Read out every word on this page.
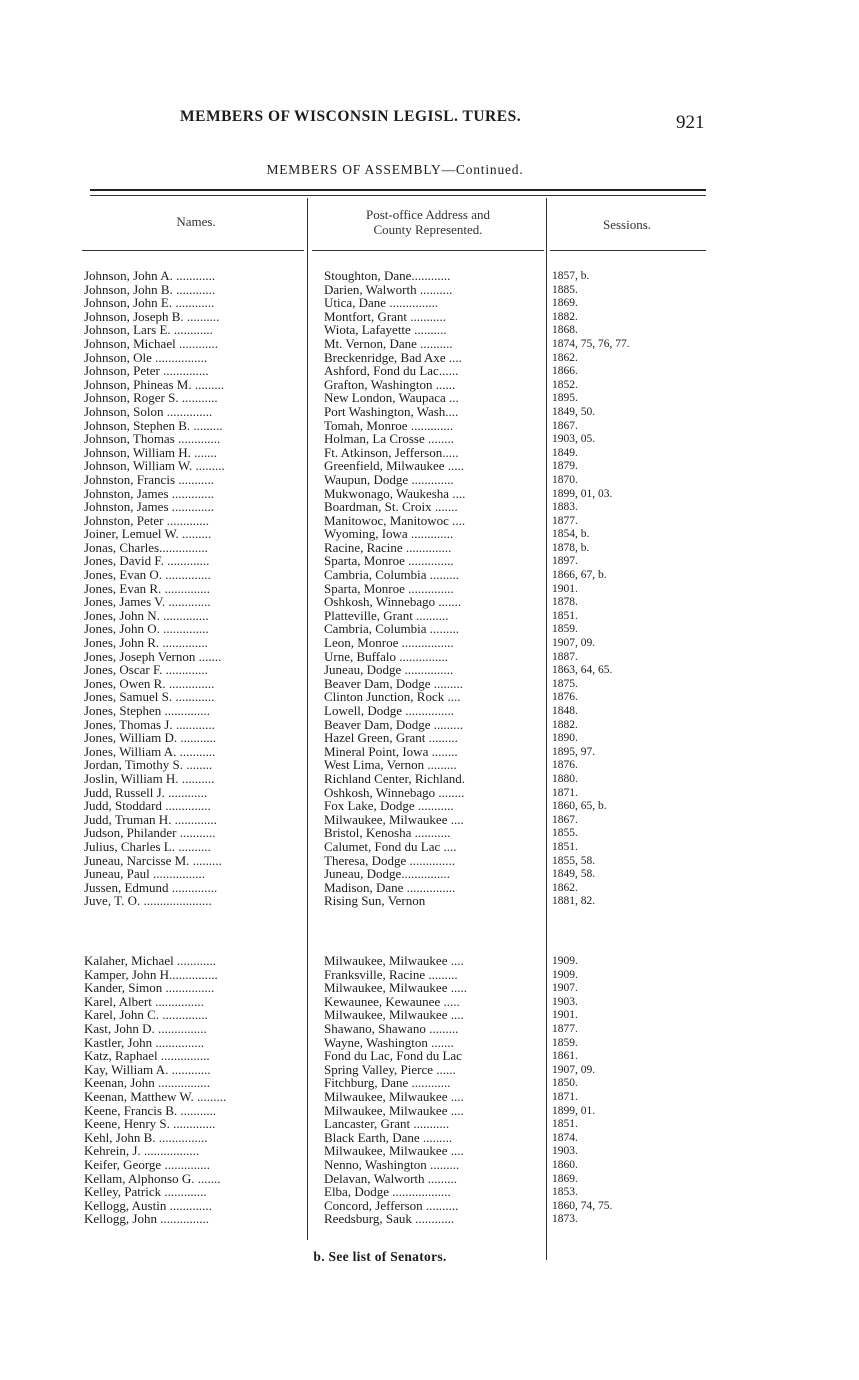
MEMBERS OF WISCONSIN LEGISL. TURES.	921
MEMBERS OF ASSEMBLY—Continued.
Names.	Post-office Address and
County Represented.	Sessions.
Johnson, John A. ............	Stoughton, Dane............	1857, b.
Johnson, John B. ............	Darien, Walworth ..........	1885.
Johnson, John E. ............	Utica, Dane ...............	1869.
Johnson, Joseph B. ..........	Montfort, Grant ...........	1882.
Johnson, Lars E. ............	Wiota, Lafayette ..........	1868.
Johnson, Michael ............	Mt. Vernon, Dane ..........	1874, 75, 76, 77.
Johnson, Ole ................	Breckenridge, Bad Axe ....	1862.
Johnson, Peter ..............	Ashford, Fond du Lac......	1866.
Johnson, Phineas M. .........	Grafton, Washington ......	1852.
Johnson, Roger S. ...........	New London, Waupaca ...	1895.
Johnson, Solon ..............	Port Washington, Wash....	1849, 50.
Johnson, Stephen B. .........	Tomah, Monroe .............	1867.
Johnson, Thomas .............	Holman, La Crosse ........	1903, 05.
Johnson, William H. .......	Ft. Atkinson, Jefferson.....	1849.
Johnson, William W. .........	Greenfield, Milwaukee .....	1879.
Johnston, Francis ...........	Waupun, Dodge .............	1870.
Johnston, James .............	Mukwonago, Waukesha ....	1899, 01, 03.
Johnston, James .............	Boardman, St. Croix .......	1883.
Johnston, Peter .............	Manitowoc, Manitowoc ....	1877.
Joiner, Lemuel W. .........	Wyoming, Iowa .............	1854, b.
Jonas, Charles...............	Racine, Racine ..............	1878, b.
Jones, David F. .............	Sparta, Monroe ..............	1897.
Jones, Evan O. ..............	Cambria, Columbia .........	1866, 67, b.
Jones, Evan R. ..............	Sparta, Monroe ..............	1901.
Jones, James V. .............	Oshkosh, Winnebago .......	1878.
Jones, John N. ..............	Platteville, Grant ..........	1851.
Jones, John O. ..............	Cambria, Columbia .........	1859.
Jones, John R. ..............	Leon, Monroe ................	1907, 09.
Jones, Joseph Vernon .......	Urne, Buffalo ...............	1887.
Jones, Oscar F. .............	Juneau, Dodge ...............	1863, 64, 65.
Jones, Owen R. ..............	Beaver Dam, Dodge .........	1875.
Jones, Samuel S. ............	Clinton Junction, Rock ....	1876.
Jones, Stephen ..............	Lowell, Dodge ...............	1848.
Jones, Thomas J. ............	Beaver Dam, Dodge .........	1882.
Jones, William D. ...........	Hazel Green, Grant .........	1890.
Jones, William A. ...........	Mineral Point, Iowa ........	1895, 97.
Jordan, Timothy S. ........	West Lima, Vernon .........	1876.
Joslin, William H. ..........	Richland Center, Richland.	1880.
Judd, Russell J. ............	Oshkosh, Winnebago ........	1871.
Judd, Stoddard ..............	Fox Lake, Dodge ...........	1860, 65, b.
Judd, Truman H. .............	Milwaukee, Milwaukee ....	1867.
Judson, Philander ...........	Bristol, Kenosha ...........	1855.
Julius, Charles L. ..........	Calumet, Fond du Lac ....	1851.
Juneau, Narcisse M. .........	Theresa, Dodge ..............	1855, 58.
Juneau, Paul ................	Juneau, Dodge...............	1849, 58.
Jussen, Edmund ..............	Madison, Dane ...............	1862.
Juve, T. O. .....................	Rising Sun, Vernon	1881, 82.
Kalaher, Michael ............	Milwaukee, Milwaukee ....	1909.
Kamper, John H...............	Franksville, Racine .........	1909.
Kander, Simon ...............	Milwaukee, Milwaukee .....	1907.
Karel, Albert ...............	Kewaunee, Kewaunee .....	1903.
Karel, John C. ..............	Milwaukee, Milwaukee ....	1901.
Kast, John D. ...............	Shawano, Shawano .........	1877.
Kastler, John ...............	Wayne, Washington .......	1859.
Katz, Raphael ...............	Fond du Lac, Fond du Lac	1861.
Kay, William A. ............	Spring Valley, Pierce ......	1907, 09.
Keenan, John ................	Fitchburg, Dane ............	1850.
Keenan, Matthew W. .........	Milwaukee, Milwaukee ....	1871.
Keene, Francis B. ...........	Milwaukee, Milwaukee ....	1899, 01.
Keene, Henry S. .............	Lancaster, Grant ...........	1851.
Kehl, John B. ...............	Black Earth, Dane .........	1874.
Kehrein, J. .................	Milwaukee, Milwaukee ....	1903.
Keifer, George ..............	Nenno, Washington .........	1860.
Kellam, Alphonso G. .......	Delavan, Walworth .........	1869.
Kelley, Patrick .............	Elba, Dodge ..................	1853.
Kellogg, Austin .............	Concord, Jefferson ..........	1860, 74, 75.
Kellogg, John ...............	Reedsburg, Sauk ............	1873.
b. See list of Senators.
